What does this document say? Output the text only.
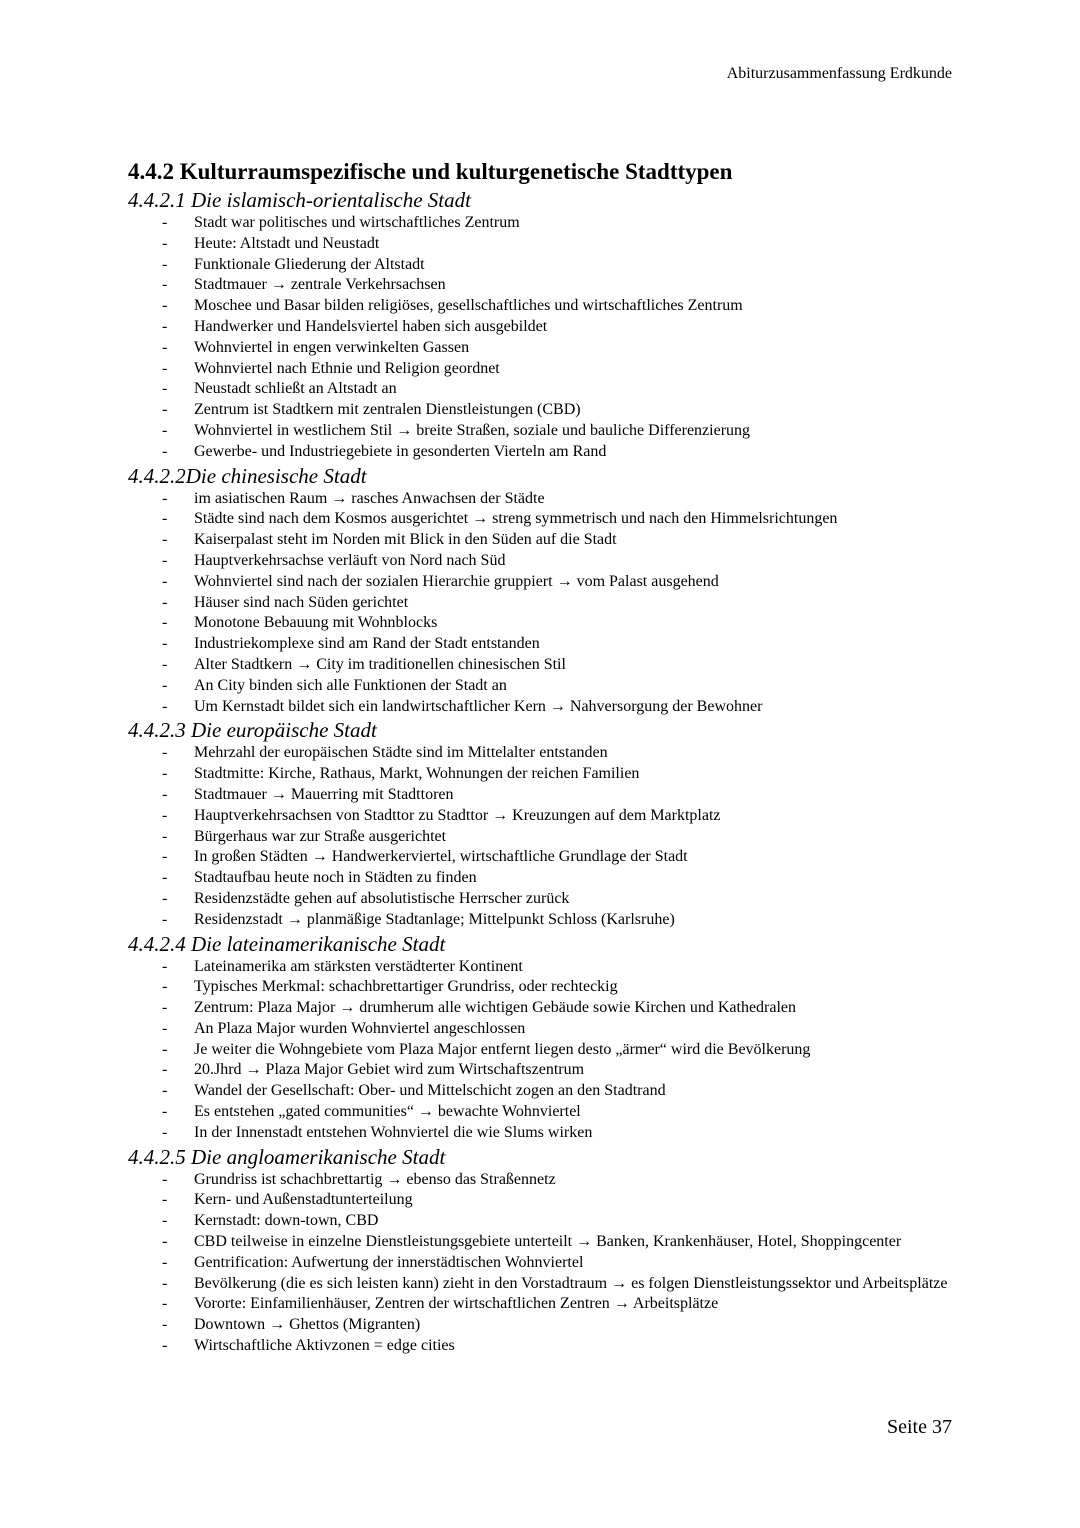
Abiturzusammenfassung Erdkunde
4.4.2 Kulturraumspezifische und kulturgenetische Stadttypen
4.4.2.1 Die islamisch-orientalische Stadt
- Stadt war politisches und wirtschaftliches Zentrum
- Heute: Altstadt und Neustadt
- Funktionale Gliederung der Altstadt
- Stadtmauer → zentrale Verkehrsachsen
- Moschee und Basar bilden religiöses, gesellschaftliches und wirtschaftliches Zentrum
- Handwerker und Handelsviertel haben sich ausgebildet
- Wohnviertel in engen verwinkelten Gassen
- Wohnviertel nach Ethnie und Religion geordnet
- Neustadt schließt an Altstadt an
- Zentrum ist Stadtkern mit zentralen Dienstleistungen (CBD)
- Wohnviertel in westlichem Stil → breite Straßen, soziale und bauliche Differenzierung
- Gewerbe- und Industriegebiete in gesonderten Vierteln am Rand
4.4.2.2Die chinesische Stadt
- im asiatischen Raum → rasches Anwachsen der Städte
- Städte sind nach dem Kosmos ausgerichtet → streng symmetrisch und nach den Himmelsrichtungen
- Kaiserpalast steht im Norden mit Blick in den Süden auf die Stadt
- Hauptverkehrsachse verläuft von Nord nach Süd
- Wohnviertel sind nach der sozialen Hierarchie gruppiert → vom Palast ausgehend
- Häuser sind nach Süden gerichtet
- Monotone Bebauung mit Wohnblocks
- Industriekomplexe sind am Rand der Stadt entstanden
- Alter Stadtkern → City im traditionellen chinesischen Stil
- An City binden sich alle Funktionen der Stadt an
- Um Kernstadt bildet sich ein landwirtschaftlicher Kern → Nahversorgung der Bewohner
4.4.2.3 Die europäische Stadt
- Mehrzahl der europäischen Städte sind im Mittelalter entstanden
- Stadtmitte: Kirche, Rathaus, Markt, Wohnungen der reichen Familien
- Stadtmauer → Mauerring mit Stadttoren
- Hauptverkehrsachsen von Stadttor zu Stadttor → Kreuzungen auf dem Marktplatz
- Bürgerhaus war zur Straße ausgerichtet
- In großen Städten → Handwerkerviertel, wirtschaftliche Grundlage der Stadt
- Stadtaufbau heute noch in Städten zu finden
- Residenzstädte gehen auf absolutistische Herrscher zurück
- Residenzstadt → planmäßige Stadtanlage; Mittelpunkt Schloss (Karlsruhe)
4.4.2.4 Die lateinamerikanische Stadt
- Lateinamerika am stärksten verstädterter Kontinent
- Typisches Merkmal: schachbrettartiger Grundriss, oder rechteckig
- Zentrum: Plaza Major → drumherum alle wichtigen Gebäude sowie Kirchen und Kathedralen
- An Plaza Major wurden Wohnviertel angeschlossen
- Je weiter die Wohngebiete vom Plaza Major entfernt liegen desto „ärmer“ wird die Bevölkerung
- 20.Jhrd → Plaza Major Gebiet wird zum Wirtschaftszentrum
- Wandel der Gesellschaft: Ober- und Mittelschicht zogen an den Stadtrand
- Es entstehen „gated communities“ → bewachte Wohnviertel
- In der Innenstadt entstehen Wohnviertel die wie Slums wirken
4.4.2.5 Die angloamerikanische Stadt
- Grundriss ist schachbrettartig → ebenso das Straßennetz
- Kern- und Außenstadtunterteilung
- Kernstadt: down-town, CBD
- CBD teilweise in einzelne Dienstleistungsgebiete unterteilt → Banken, Krankenhäuser, Hotel, Shoppingcenter
- Gentrification: Aufwertung der innerstädtischen Wohnviertel
- Bevölkerung (die es sich leisten kann) zieht in den Vorstadtraum → es folgen Dienstleistungssektor und Arbeitsplätze
- Vororte: Einfamilienhäuser, Zentren der wirtschaftlichen Zentren → Arbeitsplätze
- Downtown → Ghettos (Migranten)
- Wirtschaftliche Aktivzonen = edge cities
Seite 37
